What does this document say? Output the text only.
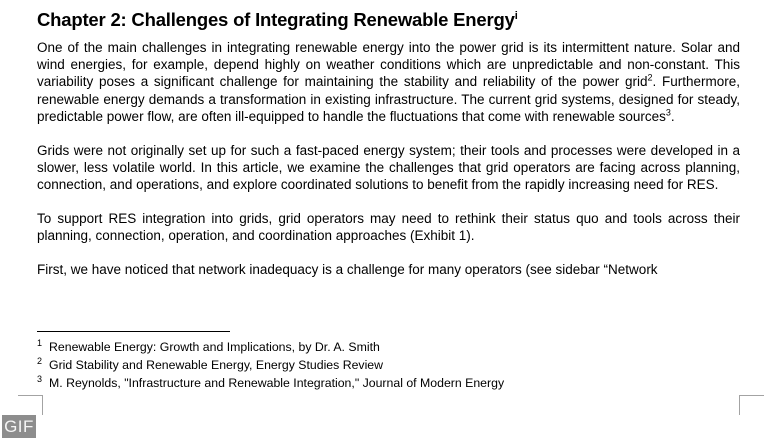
Chapter 2: Challenges of Integrating Renewable Energy$^i$

One of the main challenges in integrating renewable energy into the power grid is its intermittent nature. Solar and wind energies, for example, depend highly on weather conditions which are unpredictable and non-constant. This variability poses a significant challenge for maintaining the stability and reliability of the power grid$^2$. Furthermore, renewable energy demands a transformation in existing infrastructure. The current grid systems, designed for steady, predictable power flow, are often ill-equipped to handle the fluctuations that come with renewable sources$^3$.

Grids were not originally set up for such a fast-paced energy system; their tools and processes were developed in a slower, less volatile world. In this article, we examine the challenges that grid operators are facing across planning, connection, and operations, and explore coordinated solutions to benefit from the rapidly increasing need for RES.

To support RES integration into grids, grid operators may need to rethink their status quo and tools across their planning, connection, operation, and coordination approaches (Exhibit 1).

First, we have noticed that network inadequacy is a challenge for many operators (see sidebar “Network

$^1$ Renewable Energy: Growth and Implications, by Dr. A. Smith
$^2$ Grid Stability and Renewable Energy, Energy Studies Review
$^3$ M. Reynolds, "Infrastructure and Renewable Integration," Journal of Modern Energy
GIF
